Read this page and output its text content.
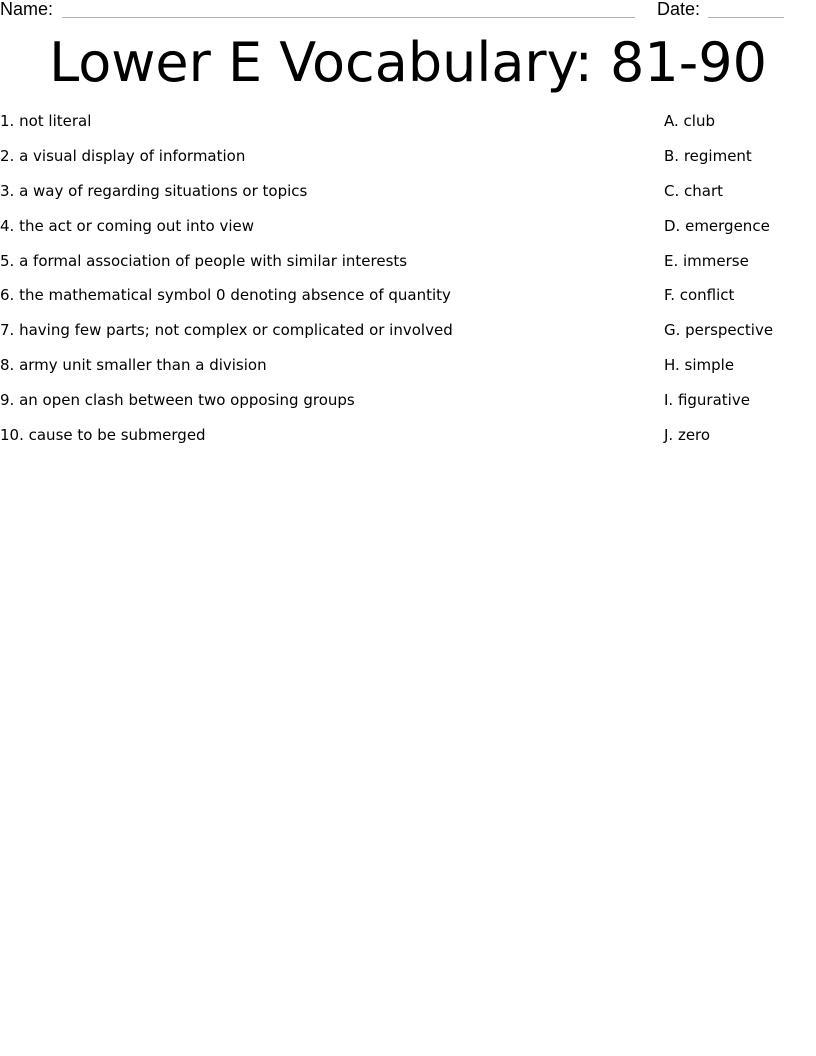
Name:	Date:
Lower E Vocabulary: 81-90
1. not literal
2. a visual display of information
3. a way of regarding situations or topics
4. the act or coming out into view
5. a formal association of people with similar interests
6. the mathematical symbol 0 denoting absence of quantity
7. having few parts; not complex or complicated or involved
8. army unit smaller than a division
9. an open clash between two opposing groups
10. cause to be submerged
A. club
B. regiment
C. chart
D. emergence
E. immerse
F. conflict
G. perspective
H. simple
I. figurative
J. zero
